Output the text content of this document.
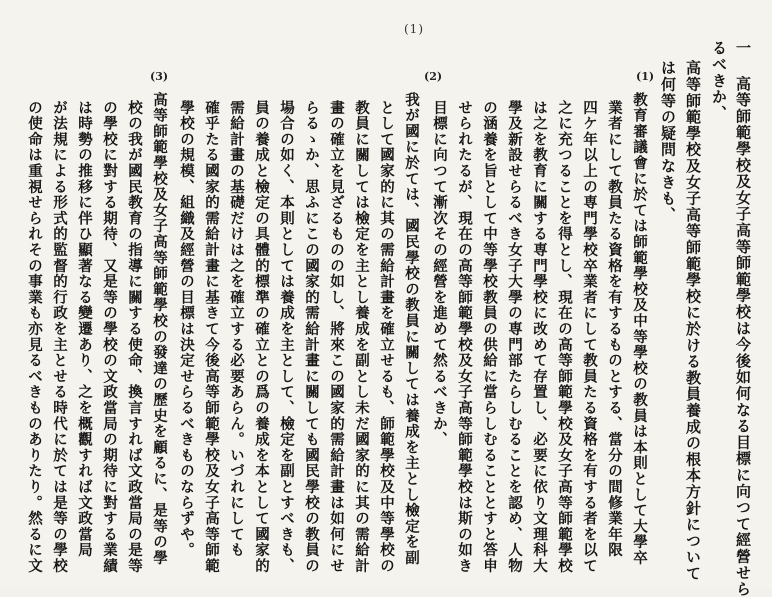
(1)
(1)
(2)
(3)	一 高等師範學校及女子高等師範學校は今後如何なる目標に向つて經營せら
るべきか、
高等師範學校及女子高等師範學校に於ける教員養成の根本方針について
は何等の疑問なきも、
教育審議會に於ては師範學校及中等學校の教員は本則として大學卒
業者にして教員たる資格を有するものとする、當分の間修業年限
四ケ年以上の専門學校卒業者にして教員たる資格を有する者を以て
之に充つることを得とし、現在の高等師範學校及女子高等師範學校
は之を教育に關する専門學校に改めて存置し、必要に依り文理科大
學及新設せらるべき女子大學の専門部たらしむることを認め、人物
の涵養を旨として中等學校教員の供給に當らしむることとすと答申
せられたるが、現在の高等師範學校及女子高等師範學校は斯の如き
目標に向つて漸次その經營を進めて然るべきか、
我が國に於ては、國民學校の教員に關しては養成を主とし檢定を副
として國家的に其の需給計畫を確立せるも、師範學校及中等學校の
教員に關しては檢定を主とし養成を副とし未だ國家的に其の需給計
畫の確立を見ざるものの如し、將來この國家的需給計畫は如何にせ
らるゝか、思ふにこの國家的需給計畫に關しても國民學校の教員の
場合の如く、本則としては養成を主として、檢定を副とすべきも、
員の養成と檢定の具體的標準の確立との爲の養成を本として國家的
需給計畫の基礎だけは之を確立する必要あらん。いづれにしても
確乎たる國家的需給計畫に基きて今後高等師範學校及女子高等師範
學校の規模、組織及經營の目標は決定せらるべきものならずや。
高等師範學校及女子高等師範學校の發達の歷史を顧るに、是等の學
校の我が國民教育の指導に關する使命、換言すれば文政當局の是等
の學校に對する期待、又是等の學校の文政當局の期待に對する業績
は時勢の推移に伴ひ顯著なる變遷あり、之を概觀すれば文政當局
が法規による形式的監督的行政を主とせる時代に於ては是等の學校
の使命は重視せられその事業も亦見るべきものありたり。然るに文
